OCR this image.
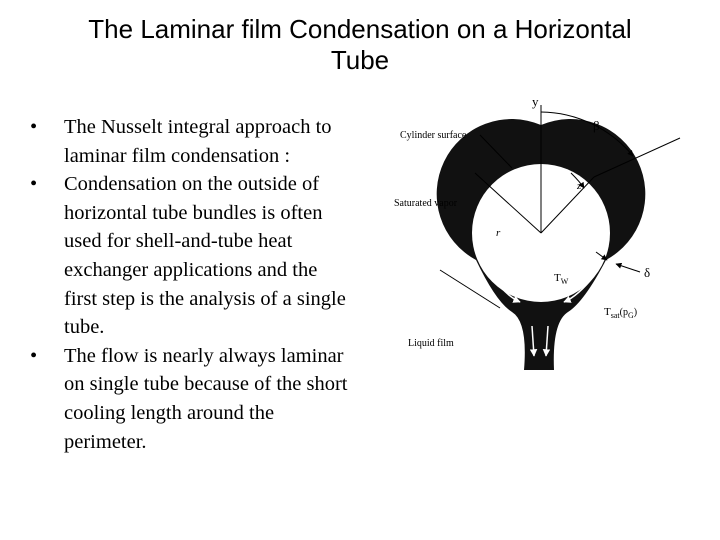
The Laminar film Condensation on a Horizontal
Tube
• The Nusselt integral approach to laminar film condensation :
• Condensation on the outside of horizontal tube bundles is often used for shell-and-tube heat exchanger applications and the first step is the analysis of a single tube.
• The flow is nearly always laminar on single tube because of the short cooling length around the perimeter.
y
β
z
Cylinder surface
Saturated vapor
r
$T_W$
δ
$T_{sat}(p_G)$
Liquid film
